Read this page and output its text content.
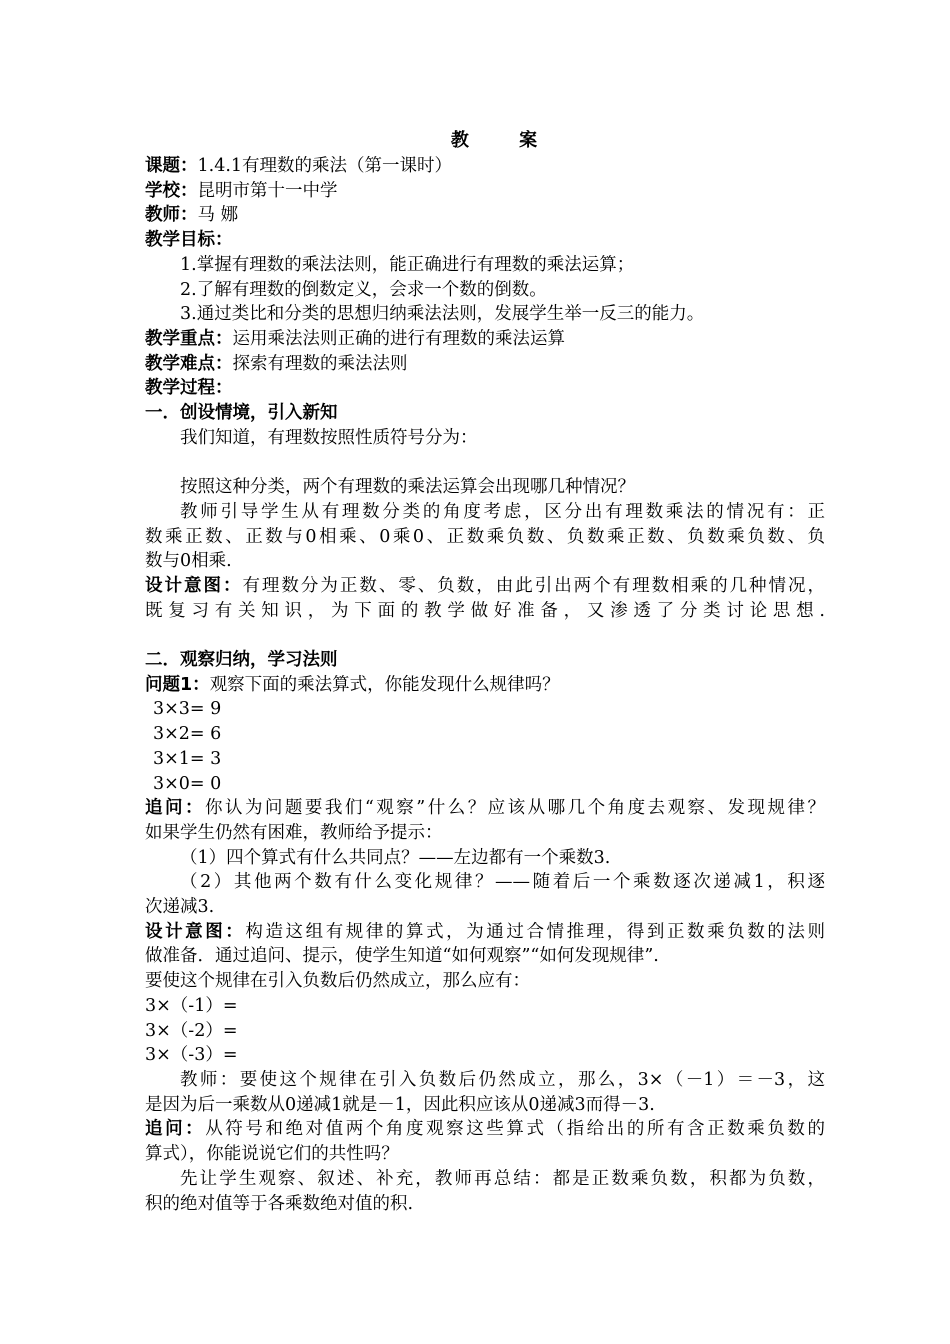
教 案
课题：1.4.1有理数的乘法（第一课时）
学校：昆明市第十一中学
教师：马 娜
教学目标：
1.掌握有理数的乘法法则，能正确进行有理数的乘法运算；
2.了解有理数的倒数定义，会求一个数的倒数。
3.通过类比和分类的思想归纳乘法法则，发展学生举一反三的能力。
教学重点：运用乘法法则正确的进行有理数的乘法运算
教学难点：探索有理数的乘法法则
教学过程：
一．创设情境，引入新知
我们知道，有理数按照性质符号分为：
按照这种分类，两个有理数的乘法运算会出现哪几种情况？
教师引导学生从有理数分类的角度考虑，区分出有理数乘法的情况有：正
数乘正数、正数与0相乘、0乘0、正数乘负数、负数乘正数、负数乘负数、负
数与0相乘.
设计意图：有理数分为正数、零、负数，由此引出两个有理数相乘的几种情况，
既复习有关知识，为下面的教学做好准备，又渗透了分类讨论思想.
二．观察归纳，学习法则
问题1：观察下面的乘法算式，你能发现什么规律吗？
3×3= 9
3×2= 6
3×1= 3
3×0= 0
追问：你认为问题要我们“观察”什么？应该从哪几个角度去观察、发现规律？
如果学生仍然有困难，教师给予提示：
（1）四个算式有什么共同点？——左边都有一个乘数3.
（2）其他两个数有什么变化规律？——随着后一个乘数逐次递减1，积逐
次递减3.
设计意图：构造这组有规律的算式，为通过合情推理，得到正数乘负数的法则
做准备．通过追问、提示，使学生知道“如何观察”“如何发现规律”.
要使这个规律在引入负数后仍然成立，那么应有：
3×（-1）=
3×（-2）=
3×（-3）=
教师：要使这个规律在引入负数后仍然成立，那么，3×（－1）＝－3，这
是因为后一乘数从0递减1就是－1，因此积应该从0递减3而得－3.
追问：从符号和绝对值两个角度观察这些算式（指给出的所有含正数乘负数的
算式），你能说说它们的共性吗？
先让学生观察、叙述、补充，教师再总结：都是正数乘负数，积都为负数，
积的绝对值等于各乘数绝对值的积.
